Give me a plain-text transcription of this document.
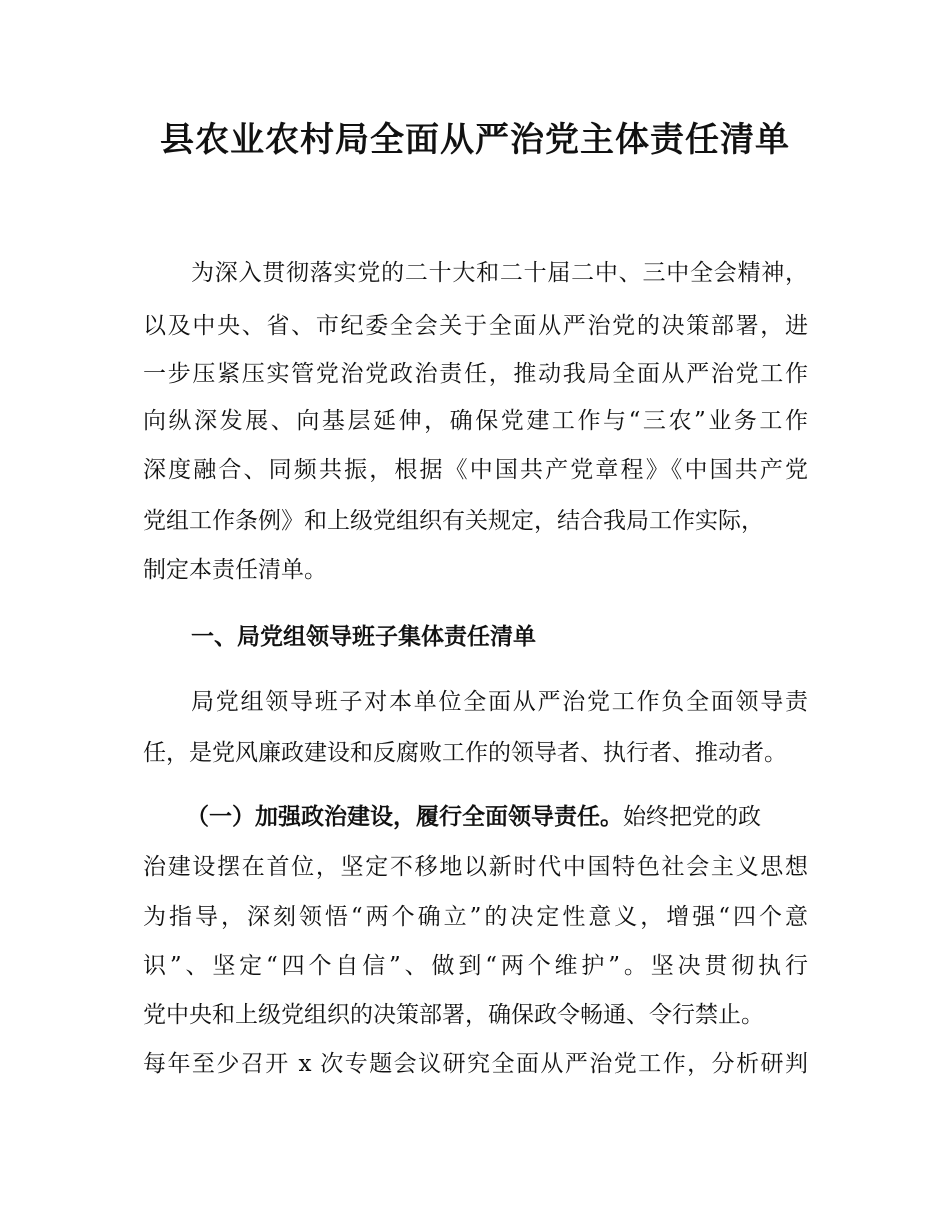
县农业农村局全面从严治党主体责任清单

为深入贯彻落实党的二十大和二十届二中、三中全会精神，

以及中央、省、市纪委全会关于全面从严治党的决策部署，进

一步压紧压实管党治党政治责任，推动我局全面从严治党工作

向纵深发展、向基层延伸，确保党建工作与“三农”业务工作

深度融合、同频共振，根据《中国共产党章程》《中国共产党

党组工作条例》和上级党组织有关规定，结合我局工作实际，

制定本责任清单。

一、局党组领导班子集体责任清单

局党组领导班子对本单位全面从严治党工作负全面领导责

任，是党风廉政建设和反腐败工作的领导者、执行者、推动者。

（一）加强政治建设，履行全面领导责任。始终把党的政

治建设摆在首位，坚定不移地以新时代中国特色社会主义思想

为指导，深刻领悟“两个确立”的决定性意义，增强“四个意

识”、坚定“四个自信”、做到“两个维护”。坚决贯彻执行

党中央和上级党组织的决策部署，确保政令畅通、令行禁止。

每年至少召开 x 次专题会议研究全面从严治党工作，分析研判
